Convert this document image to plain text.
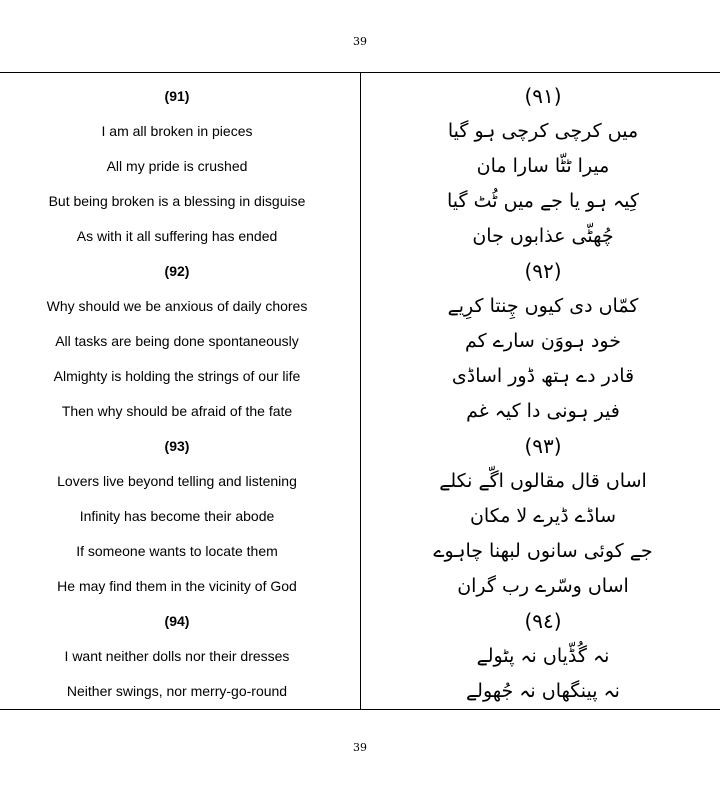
39
(91)
I am all broken in pieces
All my pride is crushed
But being broken is a blessing in disguise
As with it all suffering has ended
(92)
Why should we be anxious of daily chores
All tasks are being done spontaneously
Almighty is holding the strings of our life
Then why should be afraid of the fate
(93)
Lovers live beyond telling and listening
Infinity has become their abode
If someone wants to locate them
He may find them in the vicinity of God
(94)
I want neither dolls nor their dresses
Neither swings, nor merry-go-round
(٩١)
میں کرچی کرچی ہو گیا
میرا ٹٹّا سارا مان
کِیہ ہو یا جے میں ٹُٹ گیا
چُھٹّی عذابوں جان
(٩٢)
کمّاں دی کیوں چِنتا کرِیے
خود ہووَن سارے کم
قادر دے ہتھ ڈور اساڈی
فیر ہونی دا کیہ غم
(٩٣)
اساں قال مقالوں اگّے نکلے
ساڈے ڈیرے لا مکان
جے کوئی سانوں لبھنا چاہوے
اساں وسّرے رب گران
(٩٤)
نہ گُڈّیاں نہ پٹولے
نہ پینگھاں نہ جُھولے
39
